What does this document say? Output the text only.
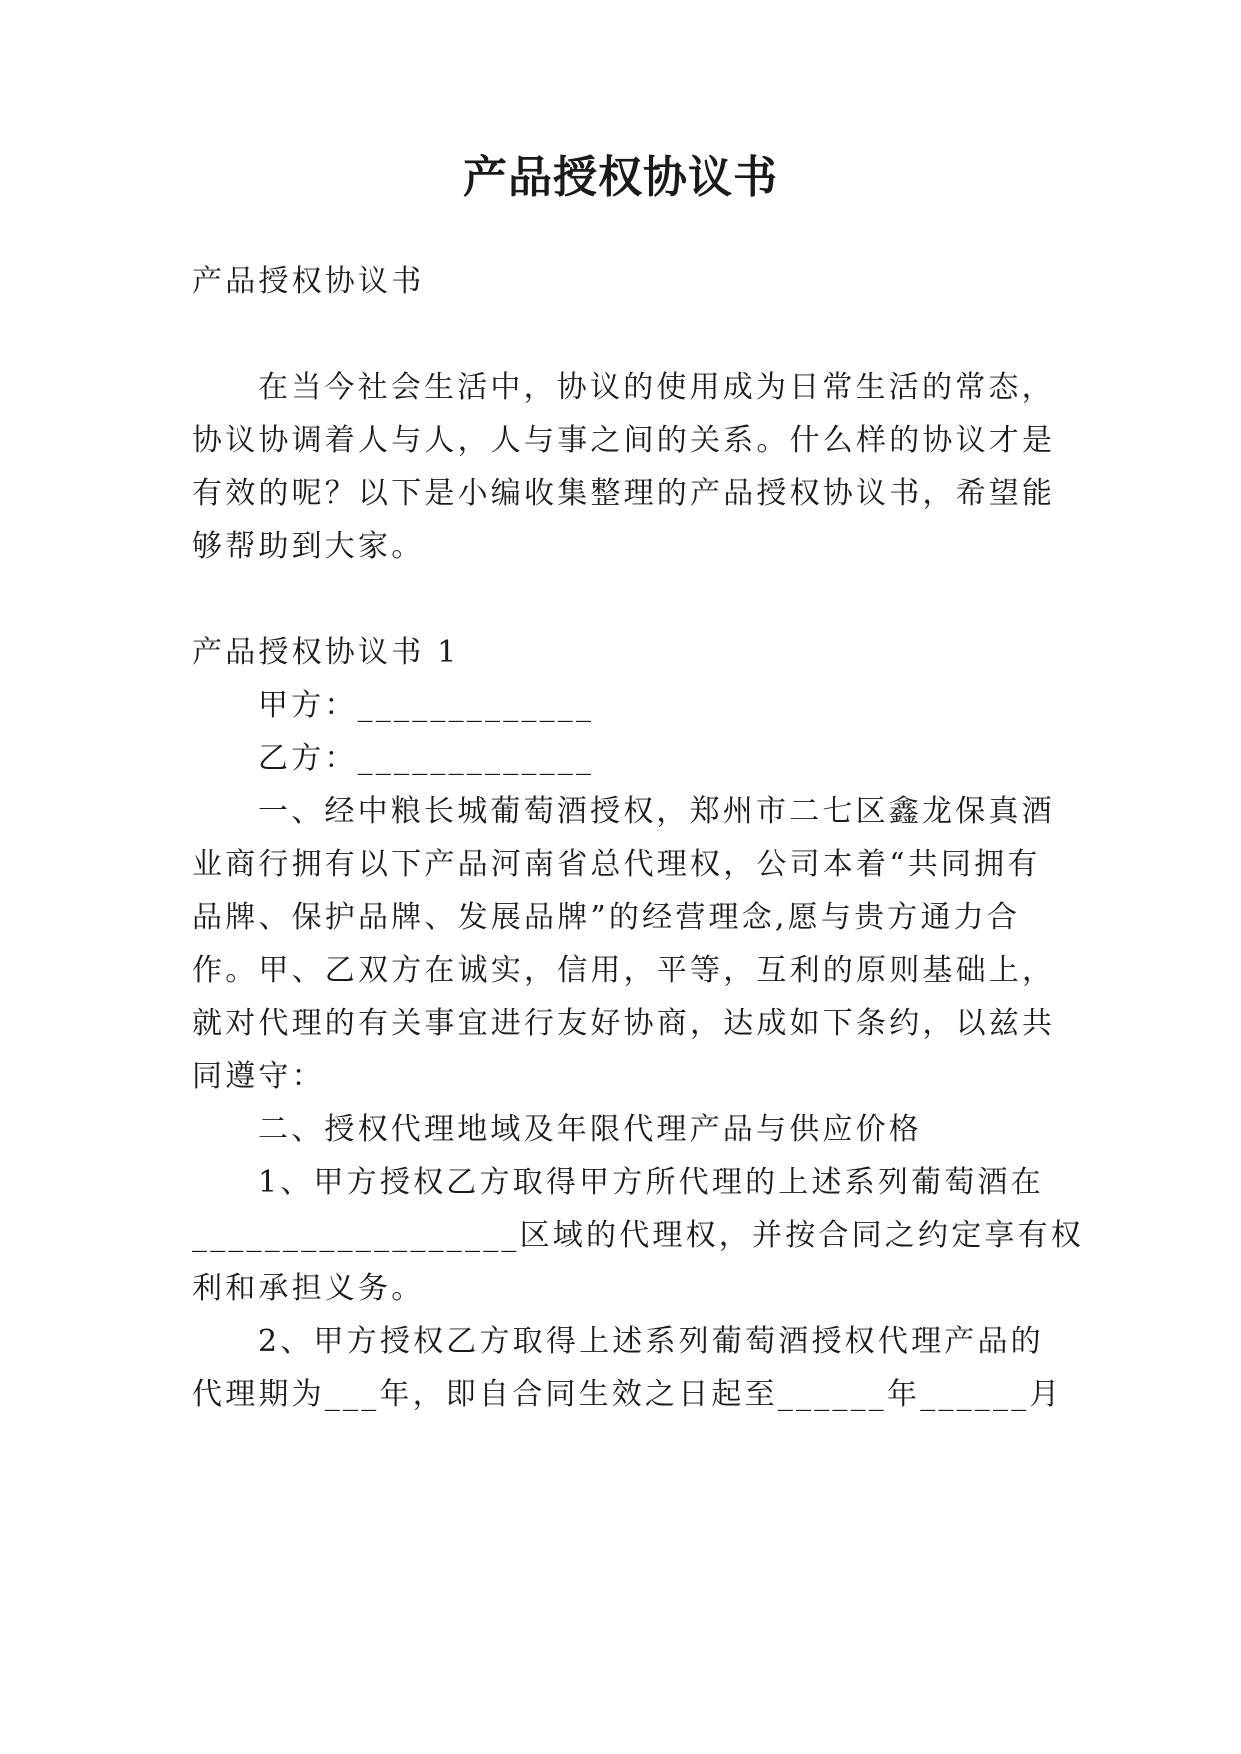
产品授权协议书
产品授权协议书
在当今社会生活中，协议的使用成为日常生活的常态，
协议协调着人与人，人与事之间的关系。什么样的协议才是
有效的呢？以下是小编收集整理的产品授权协议书，希望能
够帮助到大家。
产品授权协议书 1
甲方：_____________
乙方：_____________
一、经中粮长城葡萄酒授权，郑州市二七区鑫龙保真酒
业商行拥有以下产品河南省总代理权，公司本着“共同拥有
品牌、保护品牌、发展品牌”的经营理念,愿与贵方通力合
作。甲、乙双方在诚实，信用，平等，互利的原则基础上，
就对代理的有关事宜进行友好协商，达成如下条约，以兹共
同遵守：
二、授权代理地域及年限代理产品与供应价格
1、甲方授权乙方取得甲方所代理的上述系列葡萄酒在
__________________区域的代理权，并按合同之约定享有权
利和承担义务。
2、甲方授权乙方取得上述系列葡萄酒授权代理产品的
代理期为___年，即自合同生效之日起至______年______月
